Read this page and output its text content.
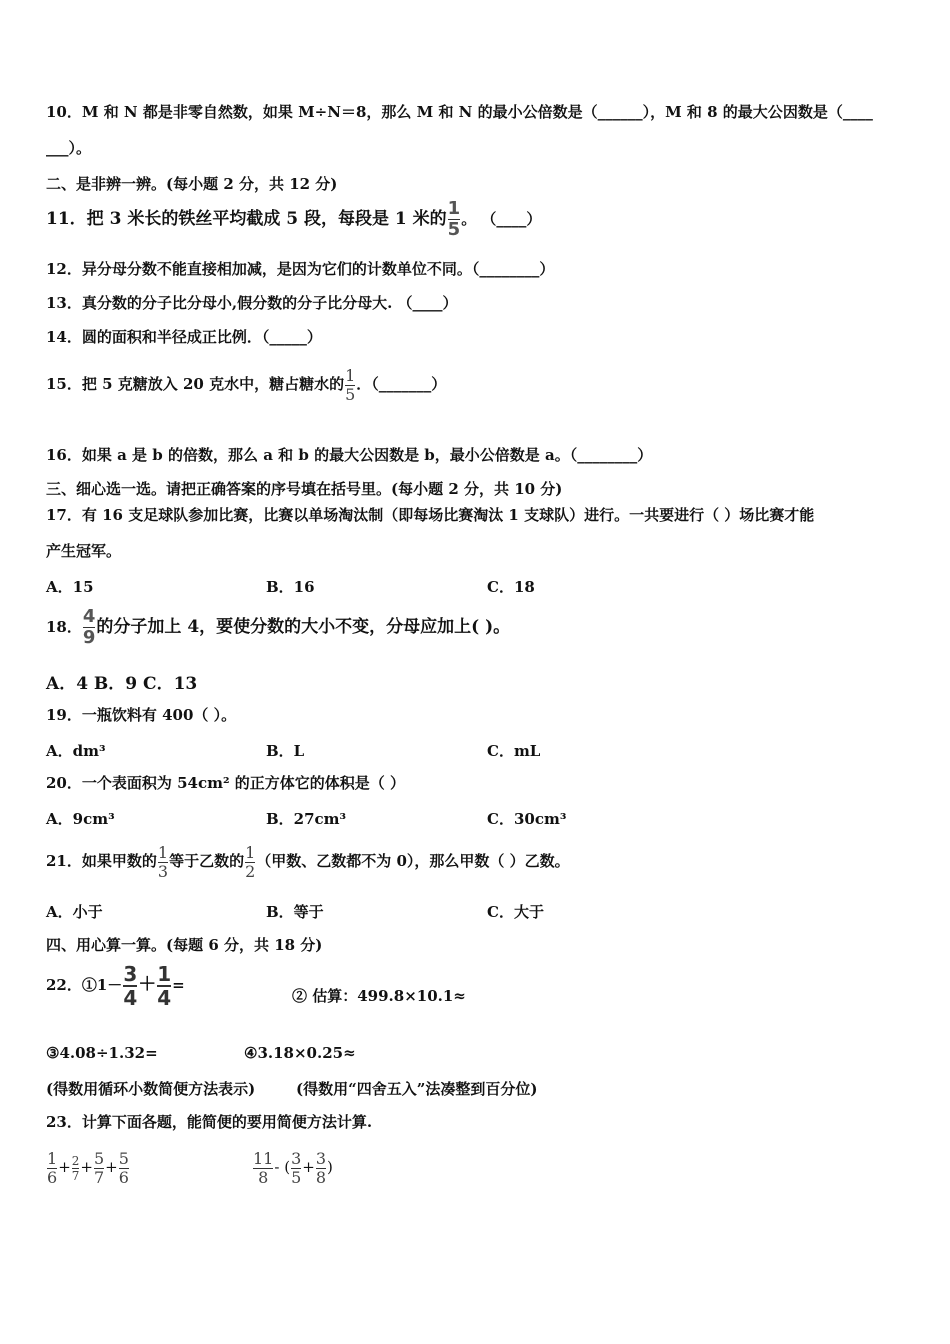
10．M 和 N 都是非零自然数，如果 M÷N＝8，那么 M 和 N 的最小公倍数是（______），M 和 8 的最大公因数是（____
___）。
二、是非辨一辨。(每小题 2 分，共 12 分)
11．把 3 米长的铁丝平均截成 5 段，每段是 1 米的 $\frac{1}{5}$ 。 （____）
12．异分母分数不能直接相加减，是因为它们的计数单位不同。（________）
13．真分数的分子比分母小,假分数的分子比分母大. （____）
14．圆的面积和半径成正比例．（_____）
15．把 5 克糖放入 20 克水中，糖占糖水的 $\frac{1}{5}$ ．（_______）
16．如果 a 是 b 的倍数，那么 a 和 b 的最大公因数是 b，最小公倍数是 a。（________）
三、细心选一选。请把正确答案的序号填在括号里。(每小题 2 分，共 10 分)
17．有 16 支足球队参加比赛，比赛以单场淘汰制（即每场比赛淘汰 1 支球队）进行。一共要进行（ ）场比赛才能
产生冠军。
A．15	B．16	C．18
18． $\frac{4}{9}$ 的分子加上 4，要使分数的大小不变，分母应加上( )。
A．4 B．9 C．13
19．一瓶饮料有 400（ ）。
A．dm³	B．L	C．mL
20．一个表面积为 54cm² 的正方体它的体积是（ ）
A．9cm³	B．27cm³	C．30cm³
21．如果甲数的 $\frac{1}{3}$ 等于乙数的 $\frac{1}{2}$ （甲数、乙数都不为 0），那么甲数（ ）乙数。
A．小于	B．等于	C．大于
四、用心算一算。(每题 6 分，共 18 分)
22．①1－ $\frac{3}{4} + \frac{1}{4}$ =
② 估算：499.8×10.1≈
③4.08÷1.32=	④3.18×0.25≈
(得数用循环小数简便方法表示)	(得数用“四舍五入”法凑整到百分位)
23．计算下面各题，能简便的要用简便方法计算.
$\frac{1}{6} + \frac{2}{7} + \frac{5}{7} + \frac{5}{6}$	$\frac{11}{8}$ - ( $\frac{3}{5} + \frac{3}{8}$ )
